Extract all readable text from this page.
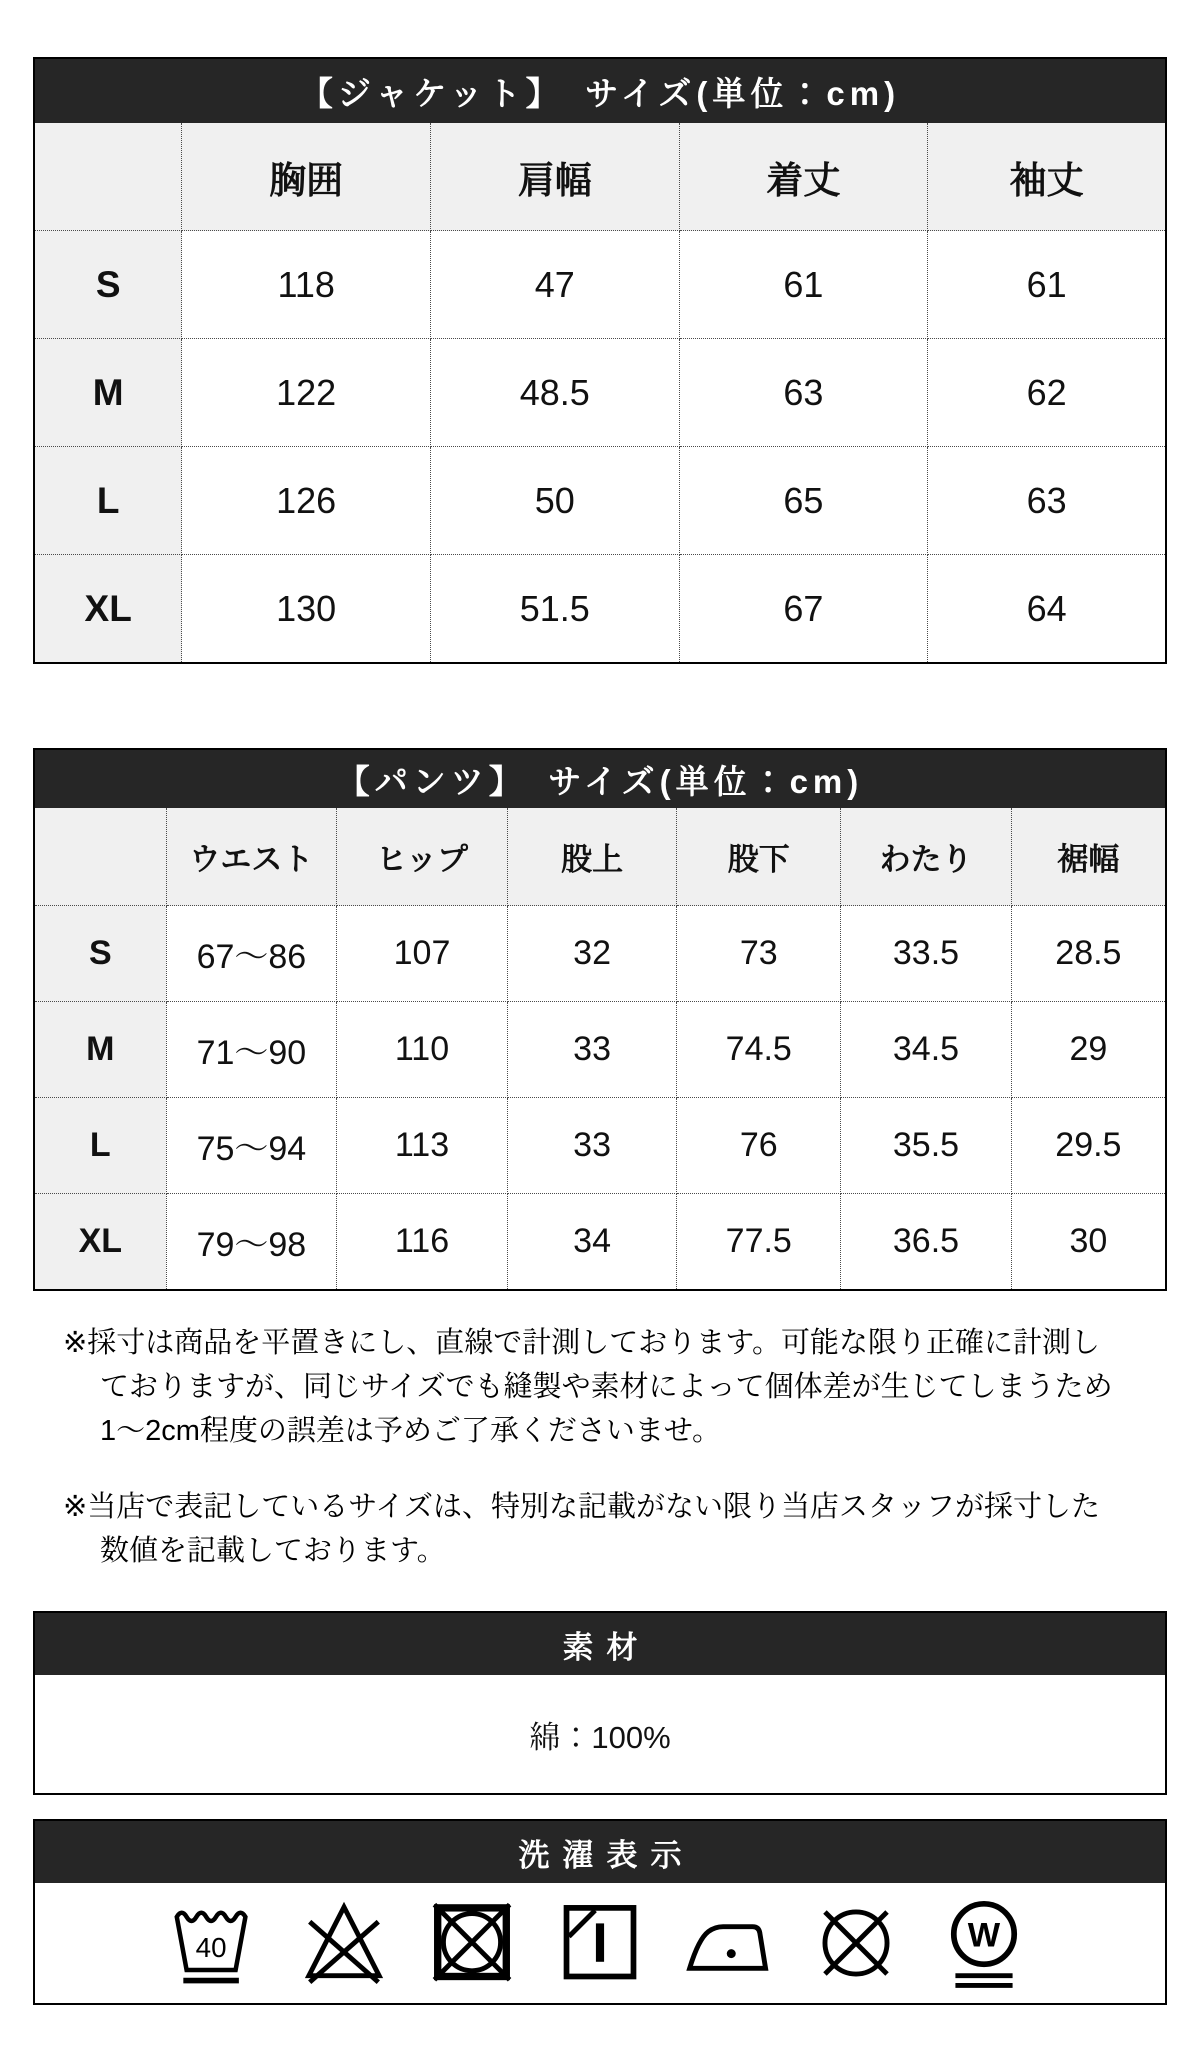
【ジャケット】　サイズ(単位：cm)
	胸囲	肩幅	着丈	袖丈
S	118	47	61	61
M	122	48.5	63	62
L	126	50	65	63
XL	130	51.5	67	64
【パンツ】　サイズ(単位：cm)
	ウエスト	ヒップ	股上	股下	わたり	裾幅
S	67～86	107	32	73	33.5	28.5
M	71～90	110	33	74.5	34.5	29
L	75～94	113	33	76	35.5	29.5
XL	79～98	116	34	77.5	36.5	30
※採寸は商品を平置きにし、直線で計測しております。可能な限り正確に計測し
ておりますが、同じサイズでも縫製や素材によって個体差が生じてしまうため
1～2cm程度の誤差は予めご了承くださいませ。
※当店で表記しているサイズは、特別な記載がない限り当店スタッフが採寸した
数値を記載しております。
素材
綿：100%
洗濯表示
40	W
